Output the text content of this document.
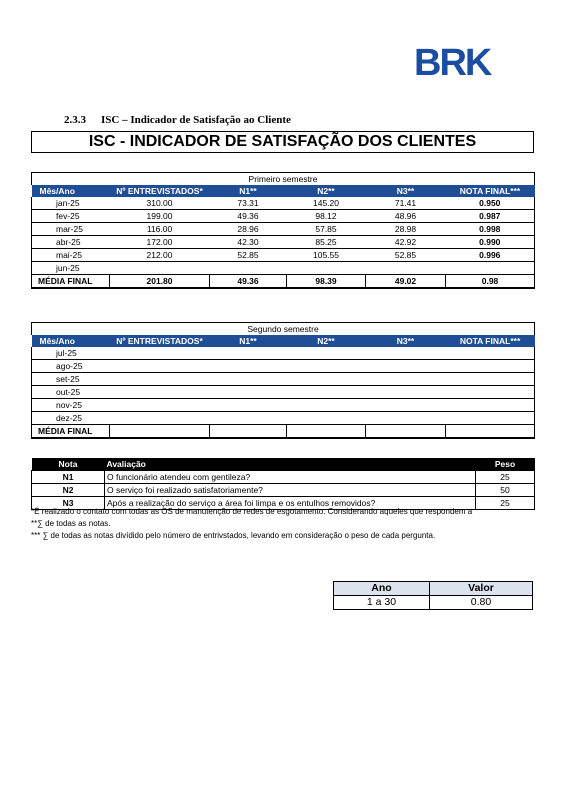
BRK
2.3.3 ISC – Indicador de Satisfação ao Cliente
ISC - INDICADOR DE SATISFAÇÃO DOS CLIENTES
Primeiro semestre					
Mês/Ano	Nº ENTREVISTADOS*	N1**	N2**	N3**	NOTA FINAL***
jan-25	310.00	73.31	145.20	71.41	0.950
fev-25	199.00	49.36	98.12	48.96	0.987
mar-25	116.00	28.96	57.85	28.98	0.998
abr-25	172.00	42.30	85.25	42.92	0.990
mai-25	212.00	52.85	105.55	52.85	0.996
jun-25					
MÉDIA FINAL	201.80	49.36	98.39	49.02	0.98
Segundo semestre					
Mês/Ano	Nº ENTREVISTADOS*	N1**	N2**	N3**	NOTA FINAL***
jul-25					
ago-25					
set-25					
out-25					
nov-25					
dez-25					
MÉDIA FINAL					
Nota	Avaliação	Peso
N1	O funcionário atendeu com gentileza?	25
N2	O serviço foi realizado satisfatoriamente?	50
N3	Após a realização do serviço a área foi limpa e os entulhos removidos?	25
*É realizado o contato com todas as OS de manutenção de redes de esgotamento. Considerando aqueles que respondem a
**∑ de todas as notas.
*** ∑ de todas as notas divídido pelo número de entrivstados, levando em consideração o peso de cada pergunta.
Ano	Valor
1 a 30	0.80
